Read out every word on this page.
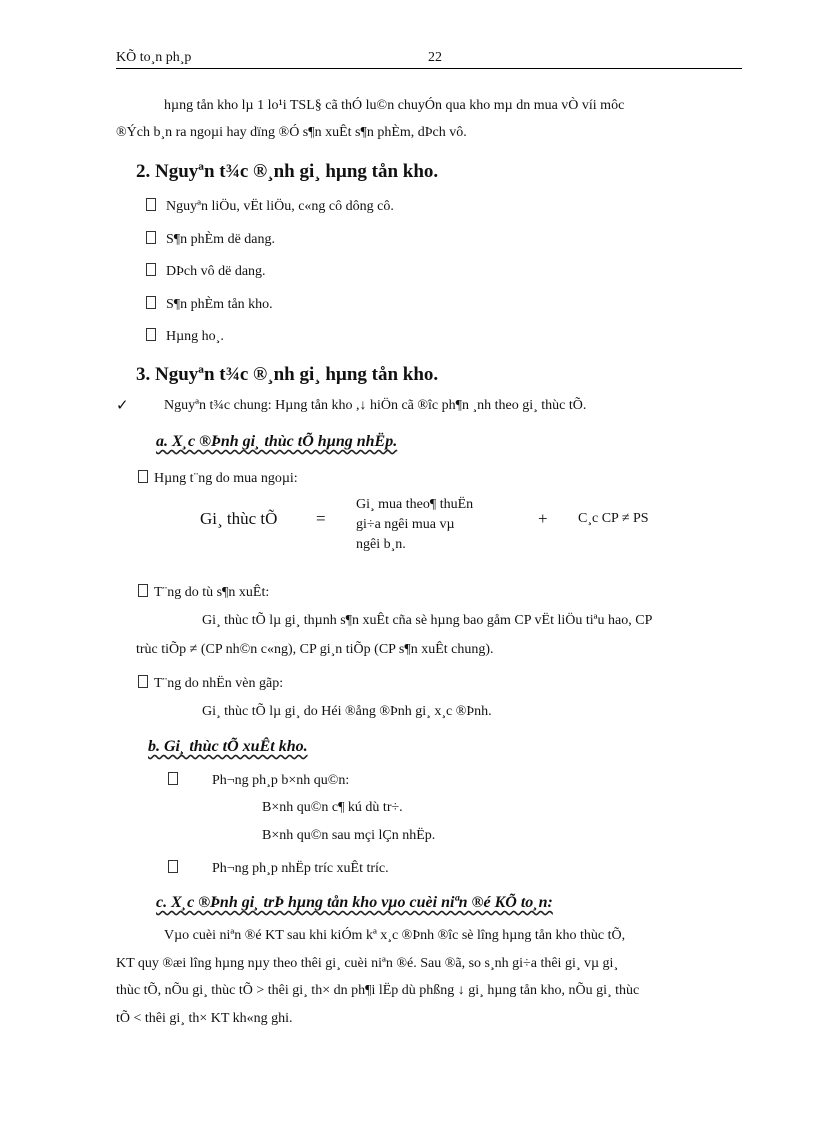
KÕ to¸n ph¸p	22
hµng tån kho lµ 1 lo¹i TSL§ cã thÓ lu©n chuyÓn qua kho mµ dn mua vÒ víi môc
®Ých b¸n ra ngoµi hay dïng ®Ó s¶n xuÊt s¶n phÈm, dÞch vô.
2. Nguyªn t¾c ®¸nh gi¸ hµng tån kho.
Nguyªn liÖu, vËt liÖu, c«ng cô dông cô.
S¶n phÈm dë dang.
DÞch vô dë dang.
S¶n phÈm tån kho.
Hµng ho¸.
3. Nguyªn t¾c ®¸nh gi¸ hµng tån kho.
✓	Nguyªn t¾c chung: Hµng tån kho ,↓ hiÖn cã ®îc ph¶n ¸nh theo gi¸ thùc tÕ.
a. X¸c ®Þnh gi¸ thùc tÕ hµng nhËp.
Hµng t¨ng do mua ngoµi:
Gi¸ thùc tÕ =
Gi¸ mua theo¶ thuËn
gi÷a ngêi mua vµ
ngêi b¸n.
+ C¸c CP ≠ PS
T¨ng do tù s¶n xuÊt:
Gi¸ thùc tÕ lµ gi¸ thµnh s¶n xuÊt cña sè hµng bao gåm CP vËt liÖu tiªu hao, CP
trùc tiÕp ≠ (CP nh©n c«ng), CP gi¸n tiÕp (CP s¶n xuÊt chung).
T¨ng do nhËn vèn gãp:
Gi¸ thùc tÕ lµ gi¸ do Héi ®ång ®Þnh gi¸ x¸c ®Þnh.
b. Gi¸ thùc tÕ xuÊt kho.
Ph¬ng ph¸p b×nh qu©n:
B×nh qu©n c¶ kú dù tr÷.
B×nh qu©n sau mçi lÇn nhËp.
Ph¬ng ph¸p nhËp tríc xuÊt tríc.
c. X¸c ®Þnh gi¸ trÞ hµng tån kho vµo cuèi niªn ®é KÕ to¸n:
Vµo cuèi niªn ®é KT sau khi kiÓm kª x¸c ®Þnh ®îc sè lîng hµng tån kho thùc tÕ,
KT quy ®æi lîng hµng nµy theo thêi gi¸ cuèi niªn ®é. Sau ®ã, so s¸nh gi÷a thêi gi¸ vµ gi¸
thùc tÕ, nÕu gi¸ thùc tÕ > thêi gi¸ th× dn ph¶i lËp dù phßng ↓ gi¸ hµng tån kho, nÕu gi¸ thùc
tÕ < thêi gi¸ th× KT kh«ng ghi.
